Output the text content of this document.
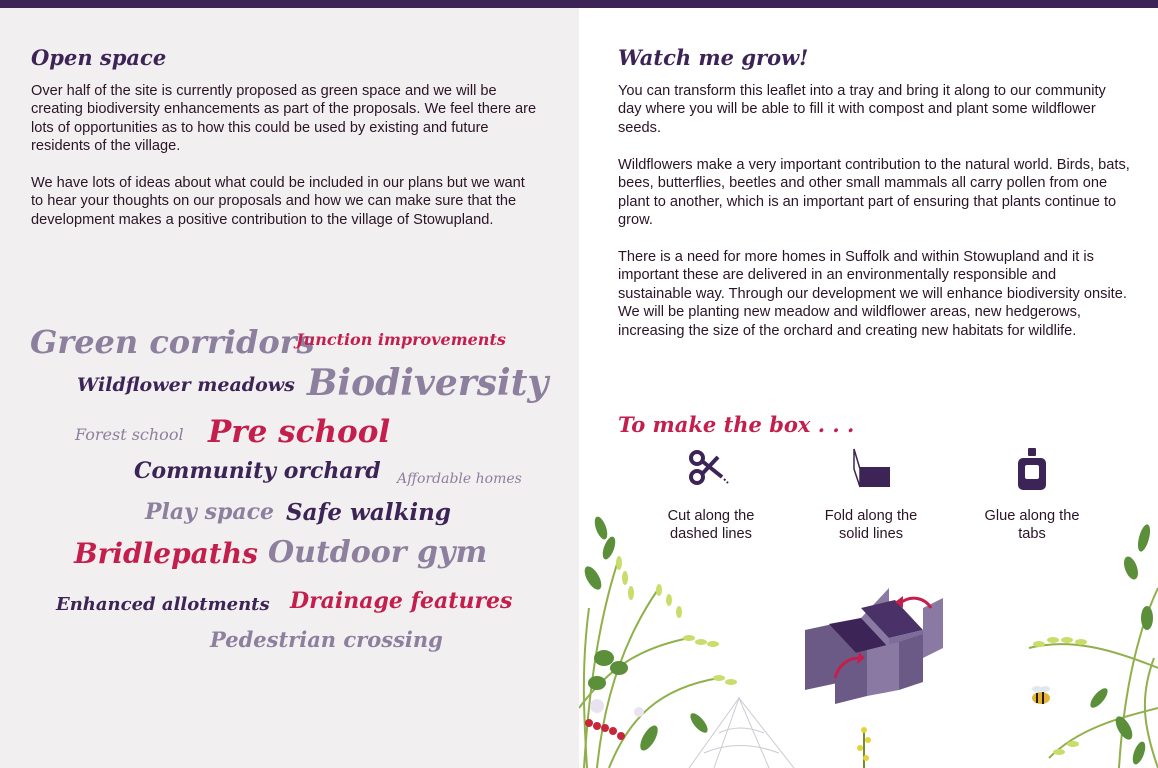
Open space

Over half of the site is currently proposed as green space and we will be creating biodiversity enhancements as part of the proposals. We feel there are lots of opportunities as to how this could be used by existing and future residents of the village.

We have lots of ideas about what could be included in our plans but we want to hear your thoughts on our proposals and how we can make sure that the development makes a positive contribution to the village of Stowupland.

Green corridors
Junction improvements
Wildflower meadows Biodiversity
Forest school Pre school
Community orchard Affordable homes
Play space Safe walking
Bridlepaths Outdoor gym
Enhanced allotments Drainage features
Pedestrian crossing
Watch me grow!

You can transform this leaflet into a tray and bring it along to our community day where you will be able to fill it with compost and plant some wildflower seeds.

Wildflowers make a very important contribution to the natural world. Birds, bats, bees, butterflies, beetles and other small mammals all carry pollen from one plant to another, which is an important part of ensuring that plants continue to grow.

There is a need for more homes in Suffolk and within Stowupland and it is important these are delivered in an environmentally responsible and sustainable way. Through our development we will enhance biodiversity onsite. We will be planting new meadow and wildflower areas, new hedgerows, increasing the size of the orchard and creating new habitats for wildlife.

To make the box . . .
Cut along the
dashed lines
Fold along the
solid lines
Glue along the
tabs
